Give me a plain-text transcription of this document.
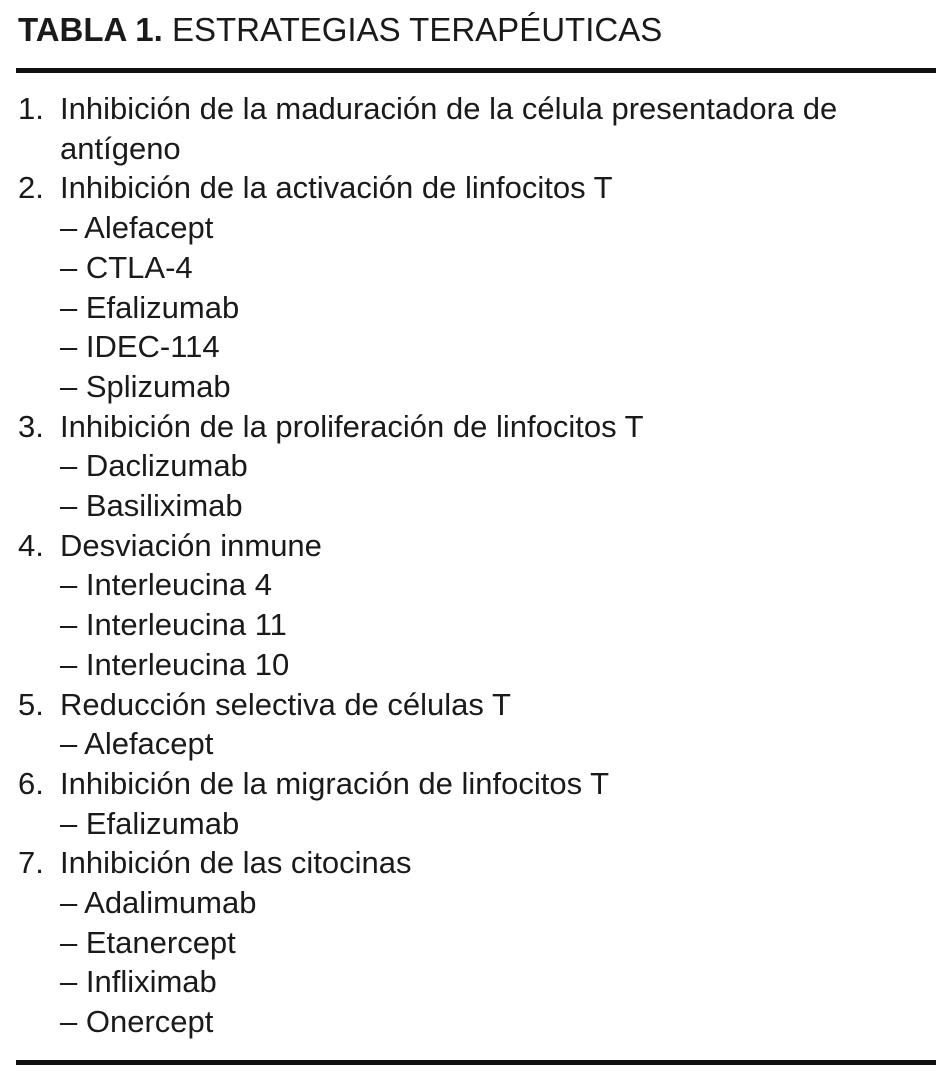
TABLA 1. ESTRATEGIAS TERAPÉUTICAS
1. Inhibición de la maduración de la célula presentadora de antígeno
2. Inhibición de la activación de linfocitos T
– Alefacept
– CTLA-4
– Efalizumab
– IDEC-114
– Splizumab
3. Inhibición de la proliferación de linfocitos T
– Daclizumab
– Basiliximab
4. Desviación inmune
– Interleucina 4
– Interleucina 11
– Interleucina 10
5. Reducción selectiva de células T
– Alefacept
6. Inhibición de la migración de linfocitos T
– Efalizumab
7. Inhibición de las citocinas
– Adalimumab
– Etanercept
– Infliximab
– Onercept
